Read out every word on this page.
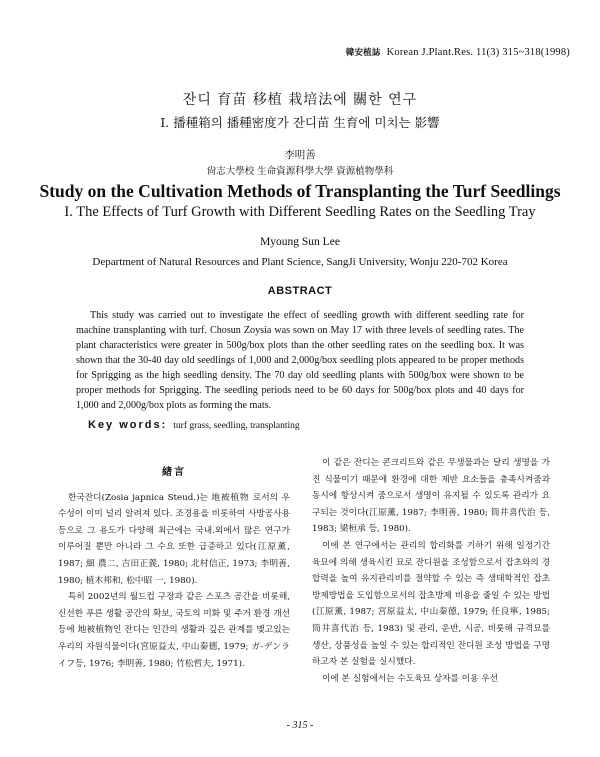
韓安植誌 Korean J.Plant.Res. 11(3) 315~318(1998)
잔디 育苗 移植 栽培法에 關한 연구
I. 播種箱의 播種密度가 잔디苗 生育에 미치는 影響
李明善
尙志大學校 生命資源科學大學 資源植物學科
Study on the Cultivation Methods of Transplanting the Turf Seedlings
I. The Effects of Turf Growth with Different Seedling Rates on the Seedling Tray
Myoung Sun Lee
Department of Natural Resources and Plant Science, SangJi University, Wonju 220-702 Korea
ABSTRACT
This study was carried out to investigate the effect of seedling growth with different seedling rate for machine transplanting with turf. Chosun Zoysia was sown on May 17 with three levels of seedling rates. The plant characteristics were greater in 500g/box plots than the other seedling rates on the seedling box. It was shown that the 30-40 day old seedlings of 1,000 and 2,000g/box seedling plots appeared to be proper methods for Sprigging as the high seedling density. The 70 day old seedling plants with 500g/box were shown to be proper methods for Sprigging. The seedling periods need to be 60 days for 500g/box plots and 40 days for 1,000 and 2,000g/box plots as forming the mats.
Key words: turf grass, seedling, transplanting
緖言

한국잔디(Zosia japnica Steud.)는 地被植物 로서의 우수성이 이미 널리 알려져 있다. 조경용을 비롯하여 사방공사용 등으로 그 용도가 다양해 최근에는 국내.외에서 많은 연구가 이루어질 뿐만 아니라 그 수요 또한 급증하고 있다(江原薰, 1987; 細 農二, 吉田正義, 1980; 北村信正, 1973; 李明善, 1980; 植木邦和, 松中昭 一, 1980).

특히 2002년의 월드컵 구장과 같은 스포츠 공간을 비롯해, 신선한 푸른 생활 공간의 확보, 국토의 미화 및 주거 환경 개선 등에 地被植物인 잔디는 인간의 생활과 깊은 관계를 맺고있는 우리의 자원식물이다(宮原益太, 中山秦德, 1979; ガ-デンライフ등, 1976; 李明善, 1980; 竹松哲夫, 1971).

이 같은 잔디는 콘크리트와 같은 무생물과는 달리 생명을 가진 식물이기 때문에 환경에 대한 제반 요소들을 충족시켜줌과 동시에 항상시켜 줌으로서 생명이 유지될 수 있도록 관리가 요구되는 것이다(江原薰, 1987; 李明善, 1980; 筒井喜代治 등, 1983; 梁桓承 등, 1980).

이에 본 연구에서는 관리의 합리화를 기하기 위해 일정기간 육묘에 의해 생육시킨 묘로 잔디원을 조성함으로서 잡초와의 경합력을 높여 유지관리비를 절약할 수 있는 즉 생태학적인 잡초방제방법을 도입함으로서의 잡초방제 비용을 줄일 수 있는 방법(江原薰, 1987; 宮原益太, 中山秦德, 1979; 任良寧, 1985; 筒井喜代治 등, 1983) 및 관리, 운반, 시공, 비룻해 규격묘를 생산, 상품성을 높일 수 있는 합리적인 잔디원 조성 방법을 구명하고자 본 실험을 실시했다.

이에 본 실험에서는 수도육묘 상자를 이용 우선

- 315 -
